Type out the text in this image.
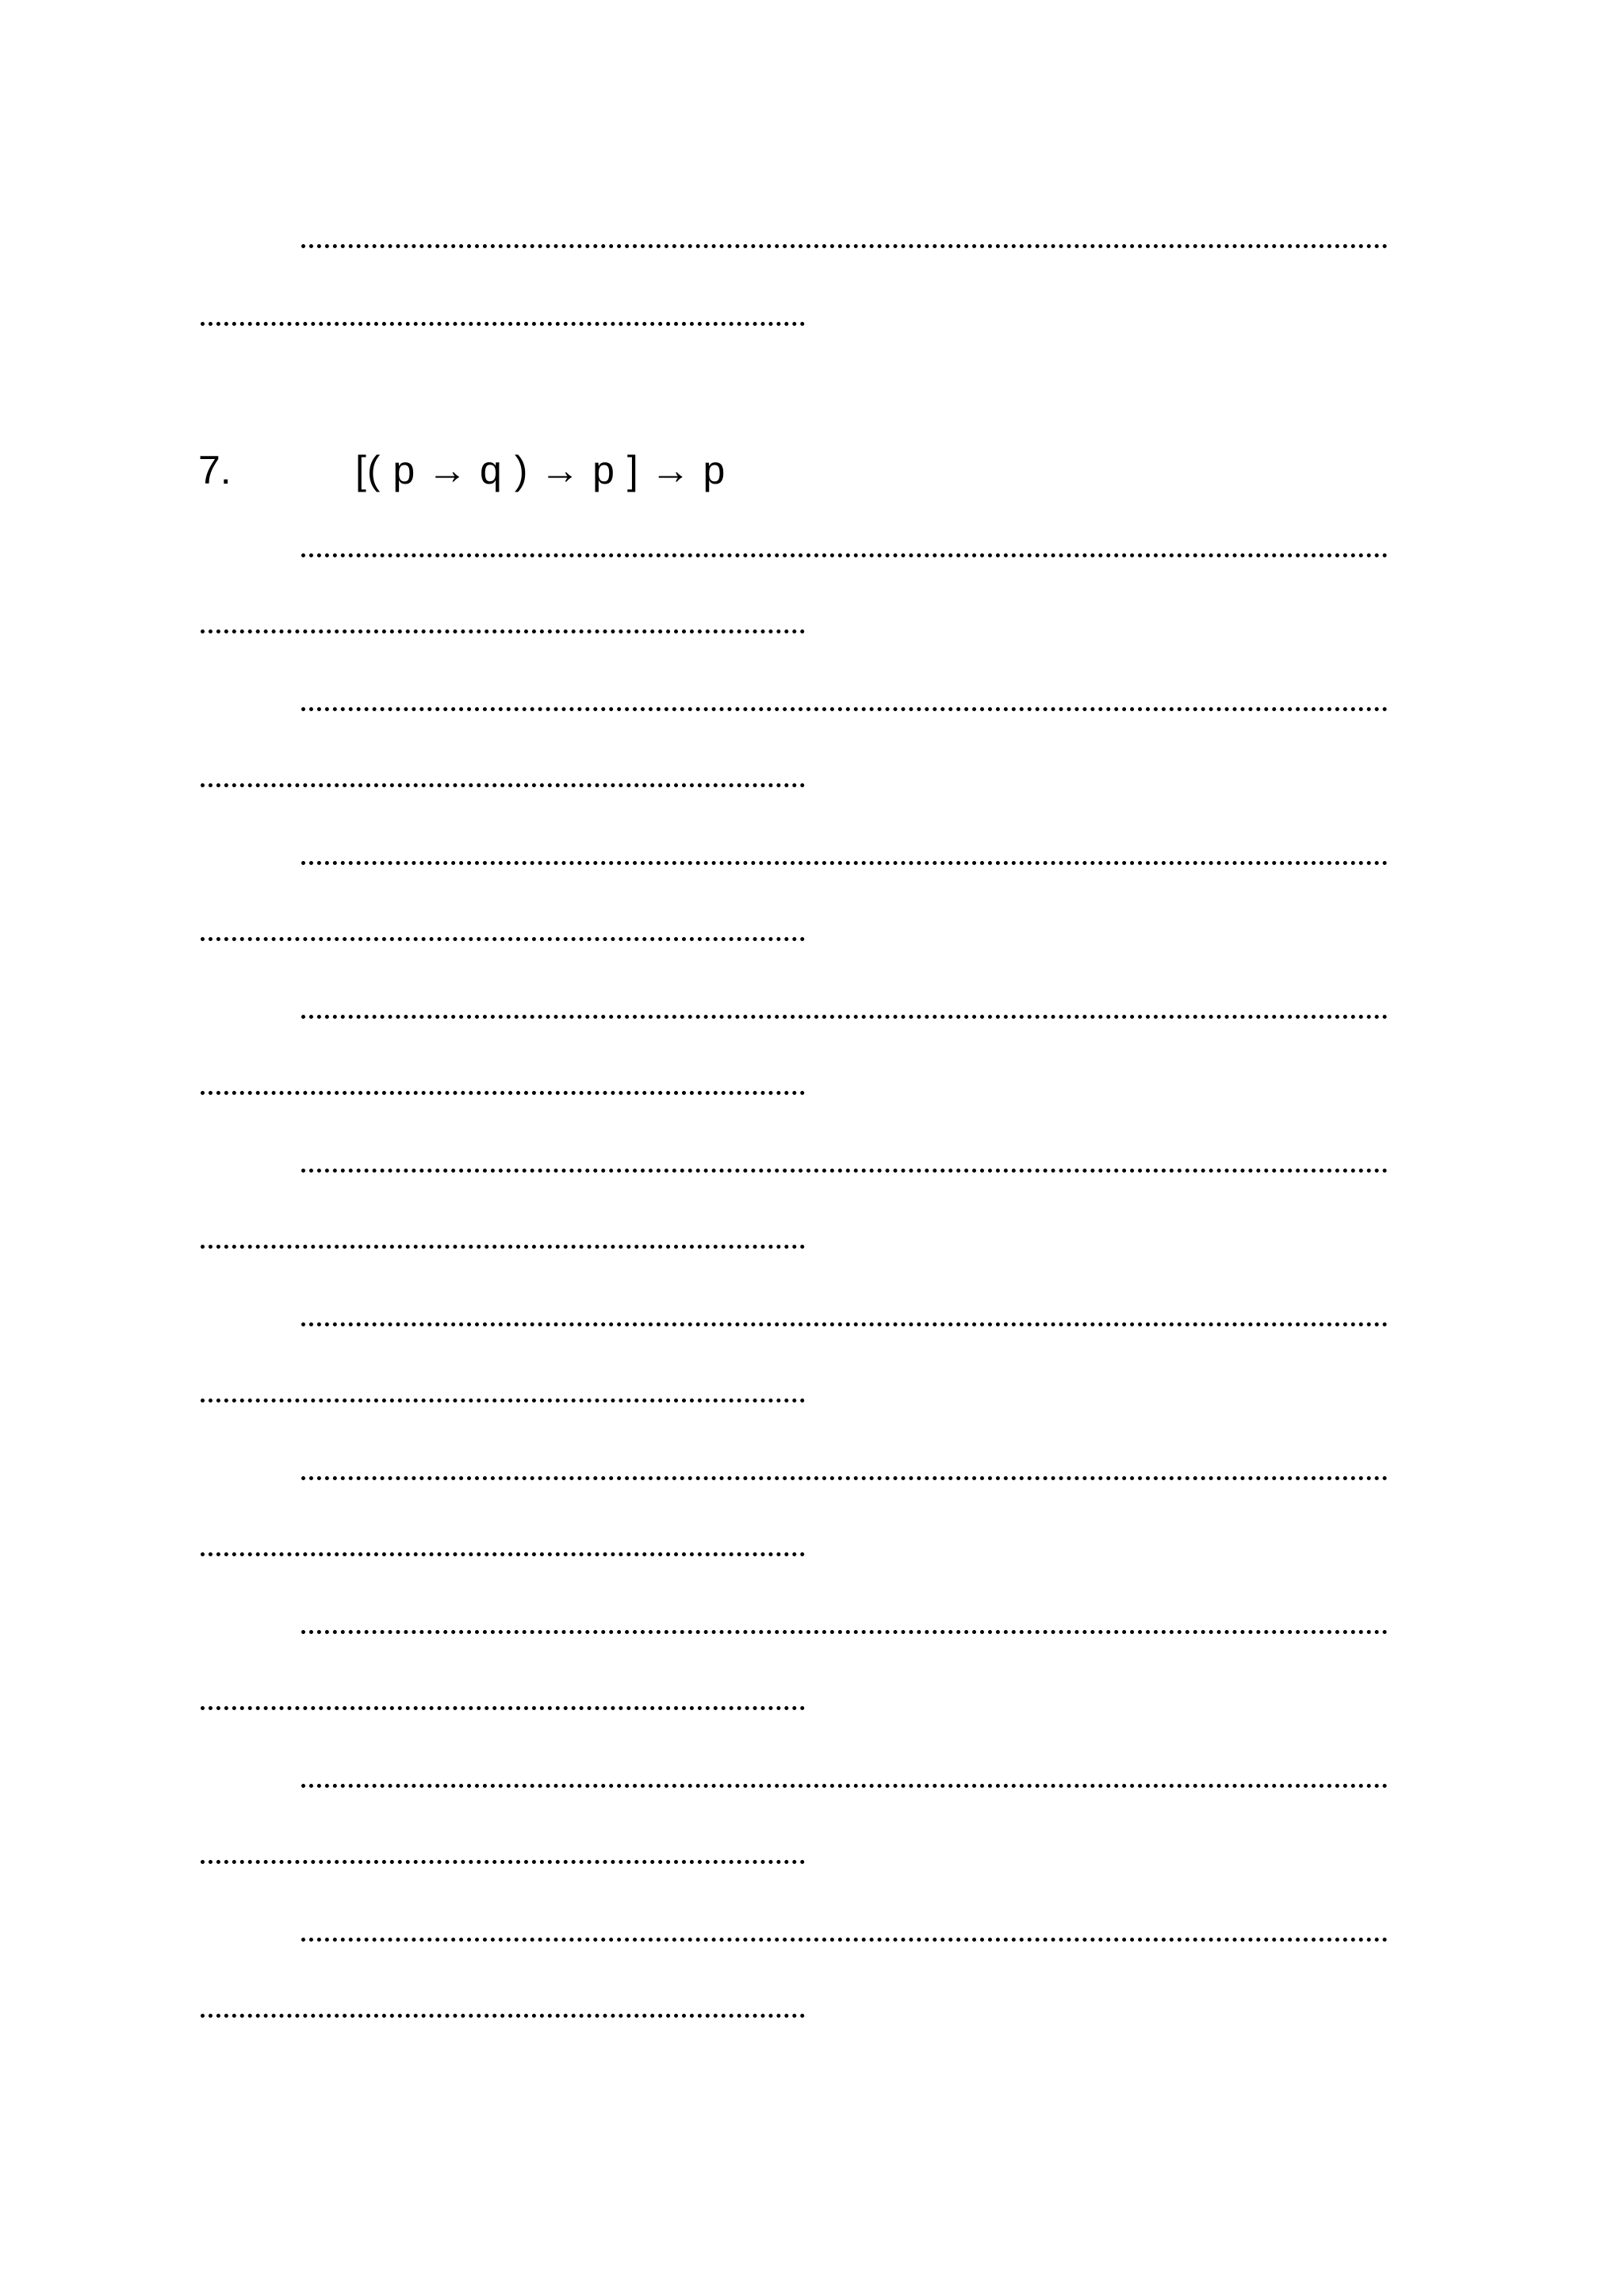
7.	[( p → q ) → p ] → p
